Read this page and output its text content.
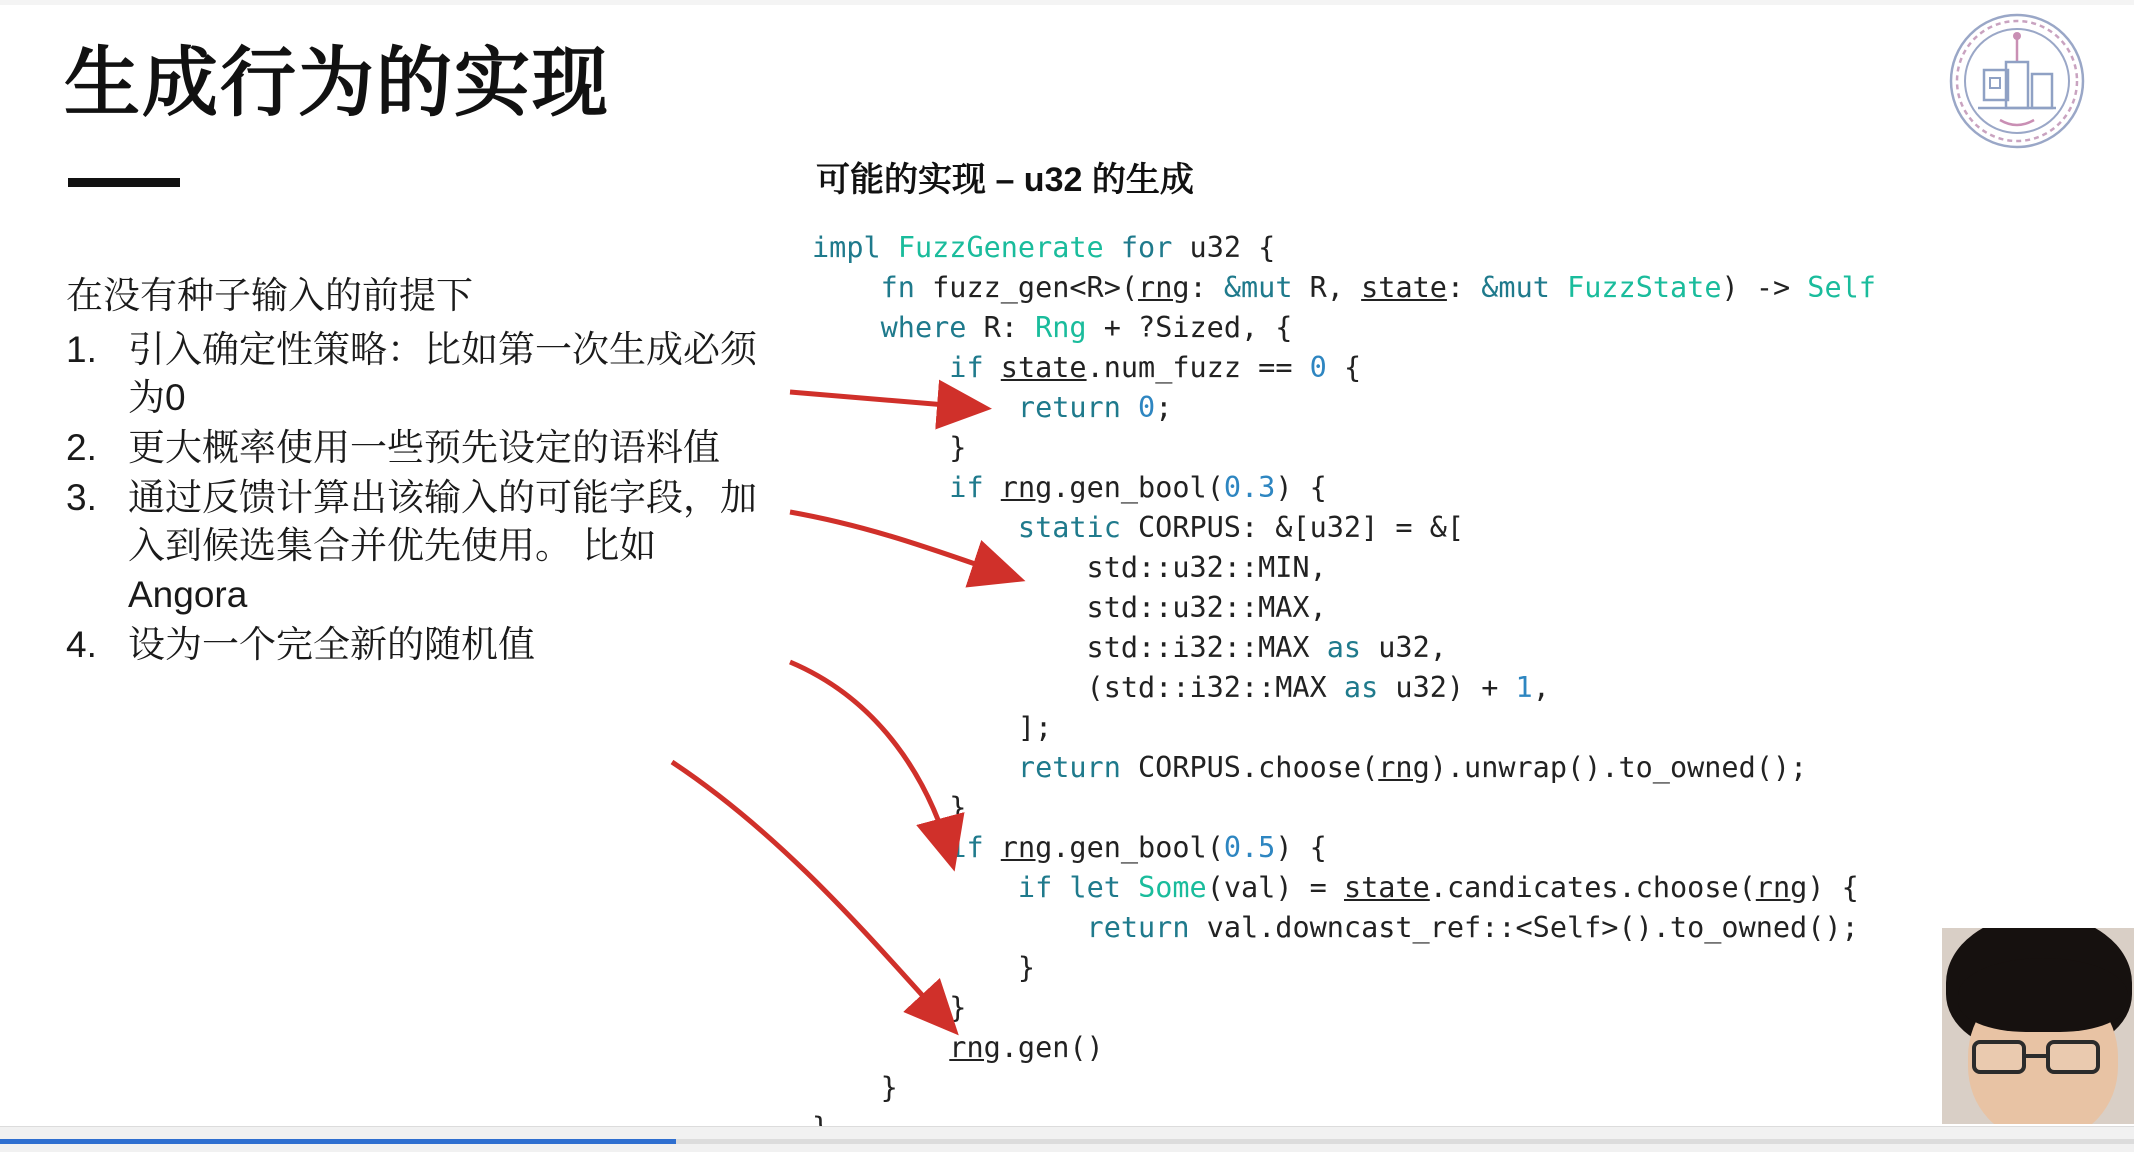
生成行为的实现
在没有种子输入的前提下
1. 引入确定性策略：比如第一次生成必须为0
2. 更大概率使用一些预先设定的语料值
3. 通过反馈计算出该输入的可能字段，加入到候选集合并优先使用。 比如 Angora
4. 设为一个完全新的随机值
可能的实现 – u32 的生成
impl FuzzGenerate for u32 {
fn fuzz_gen<R>(rng: &mut R, state: &mut FuzzState) -> Self
where R: Rng + ?Sized, {
if state.num_fuzz == 0 {
return 0;
}
if rng.gen_bool(0.3) {
static CORPUS: &[u32] = &[
std::u32::MIN,
std::u32::MAX,
std::i32::MAX as u32,
(std::i32::MAX as u32) + 1,
];
return CORPUS.choose(rng).unwrap().to_owned();
}
if rng.gen_bool(0.5) {
if let Some(val) = state.candicates.choose(rng) {
return val.downcast_ref::<Self>().to_owned();
}
}
rng.gen()
}
